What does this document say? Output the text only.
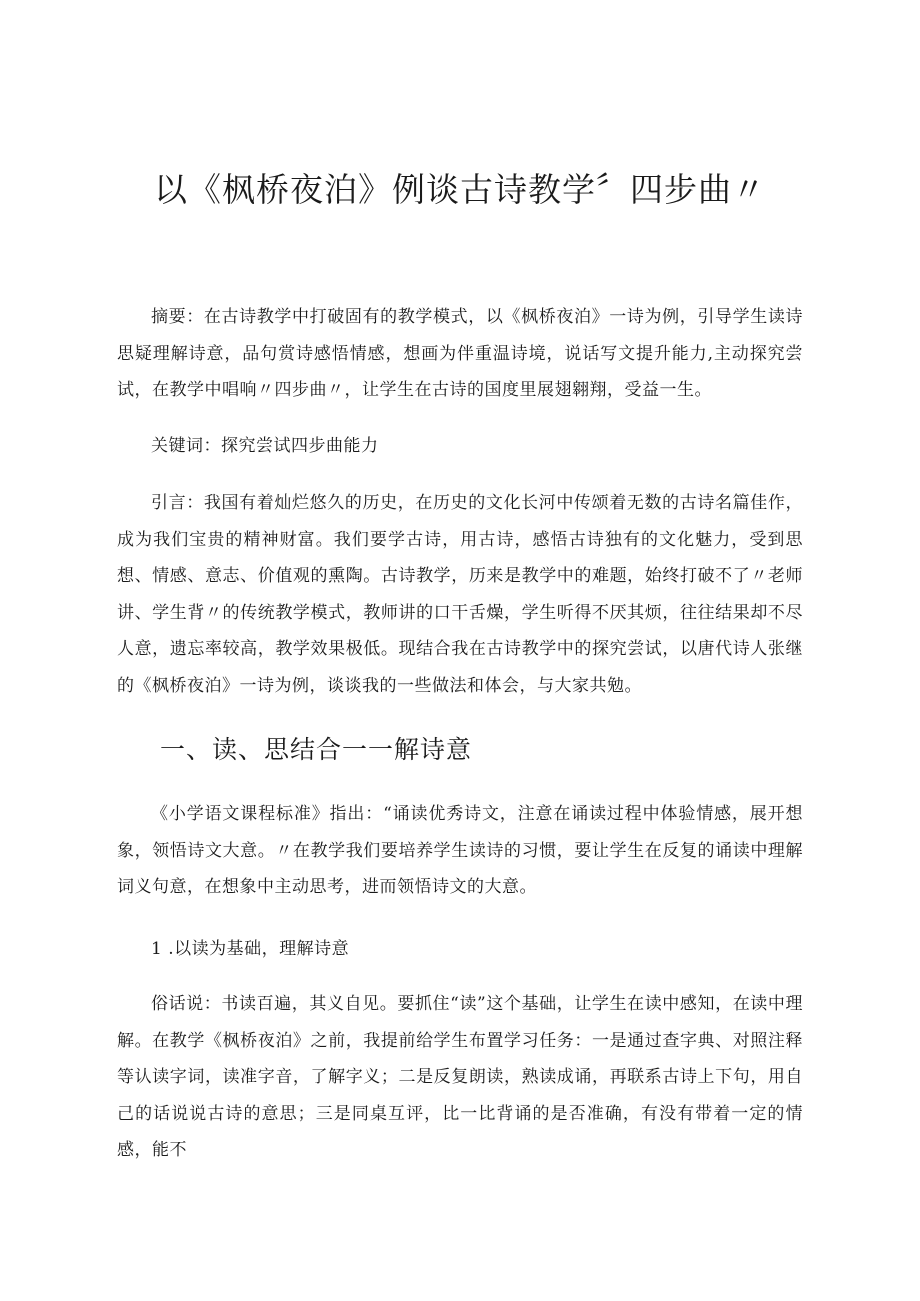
以《枫桥夜泊》例谈古诗教学〞四步曲〃

摘要：在古诗教学中打破固有的教学模式，以《枫桥夜泊》一诗为例，引导学生读诗思疑理解诗意，品句赏诗感悟情感，想画为伴重温诗境，说话写文提升能力,主动探究尝试，在教学中唱响〃四步曲〃，让学生在古诗的国度里展翅翱翔，受益一生。

关键词：探究尝试四步曲能力

引言：我国有着灿烂悠久的历史，在历史的文化长河中传颂着无数的古诗名篇佳作，成为我们宝贵的精神财富。我们要学古诗，用古诗，感悟古诗独有的文化魅力，受到思想、情感、意志、价值观的熏陶。古诗教学，历来是教学中的难题，始终打破不了〃老师讲、学生背〃的传统教学模式，教师讲的口干舌燥，学生听得不厌其烦，往往结果却不尽人意，遗忘率较高，教学效果极低。现结合我在古诗教学中的探究尝试，以唐代诗人张继的《枫桥夜泊》一诗为例，谈谈我的一些做法和体会，与大家共勉。

一、读、思结合一一解诗意

《小学语文课程标准》指出：“诵读优秀诗文，注意在诵读过程中体验情感，展开想象，领悟诗文大意。〃在教学我们要培养学生读诗的习惯，要让学生在反复的诵读中理解词义句意，在想象中主动思考，进而领悟诗文的大意。

1 .以读为基础，理解诗意

俗话说：书读百遍，其义自见。要抓住“读”这个基础，让学生在读中感知，在读中理解。在教学《枫桥夜泊》之前，我提前给学生布置学习任务：一是通过查字典、对照注释等认读字词，读准字音，了解字义；二是反复朗读，熟读成诵，再联系古诗上下句，用自己的话说说古诗的意思；三是同桌互评，比一比背诵的是否准确，有没有带着一定的情感，能不
